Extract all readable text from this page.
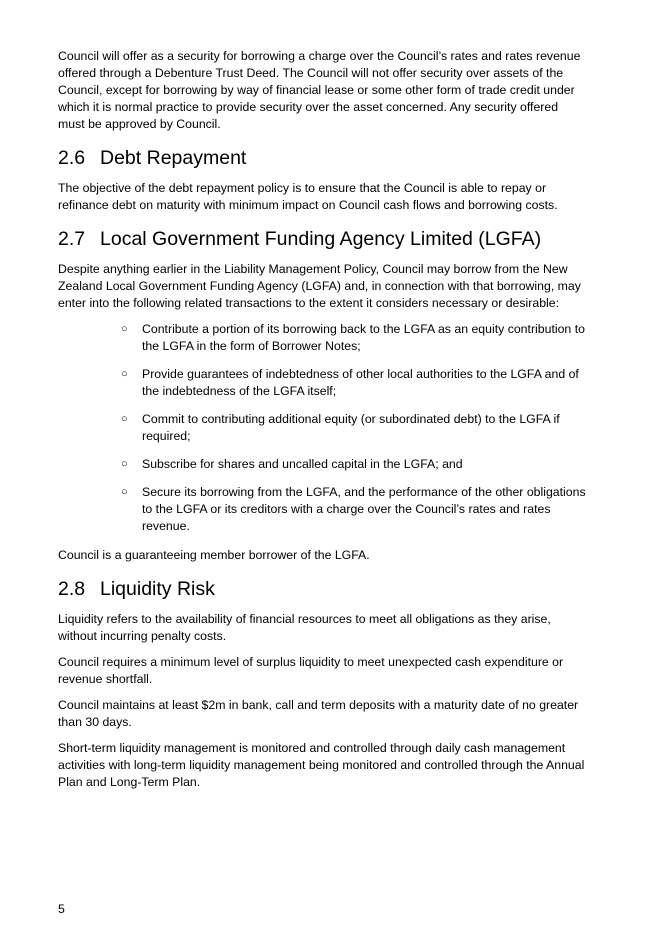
Council will offer as a security for borrowing a charge over the Council’s rates and rates revenue offered through a Debenture Trust Deed. The Council will not offer security over assets of the Council, except for borrowing by way of financial lease or some other form of trade credit under which it is normal practice to provide security over the asset concerned. Any security offered must be approved by Council.

2.6 Debt Repayment

The objective of the debt repayment policy is to ensure that the Council is able to repay or refinance debt on maturity with minimum impact on Council cash flows and borrowing costs.

2.7 Local Government Funding Agency Limited (LGFA)

Despite anything earlier in the Liability Management Policy, Council may borrow from the New Zealand Local Government Funding Agency (LGFA) and, in connection with that borrowing, may enter into the following related transactions to the extent it considers necessary or desirable:

○ Contribute a portion of its borrowing back to the LGFA as an equity contribution to the LGFA in the form of Borrower Notes;
○ Provide guarantees of indebtedness of other local authorities to the LGFA and of the indebtedness of the LGFA itself;
○ Commit to contributing additional equity (or subordinated debt) to the LGFA if required;
○ Subscribe for shares and uncalled capital in the LGFA; and
○ Secure its borrowing from the LGFA, and the performance of the other obligations to the LGFA or its creditors with a charge over the Council’s rates and rates revenue.

Council is a guaranteeing member borrower of the LGFA.

2.8 Liquidity Risk

Liquidity refers to the availability of financial resources to meet all obligations as they arise, without incurring penalty costs.

Council requires a minimum level of surplus liquidity to meet unexpected cash expenditure or revenue shortfall.

Council maintains at least $2m in bank, call and term deposits with a maturity date of no greater than 30 days.

Short-term liquidity management is monitored and controlled through daily cash management activities with long-term liquidity management being monitored and controlled through the Annual Plan and Long-Term Plan.

5
